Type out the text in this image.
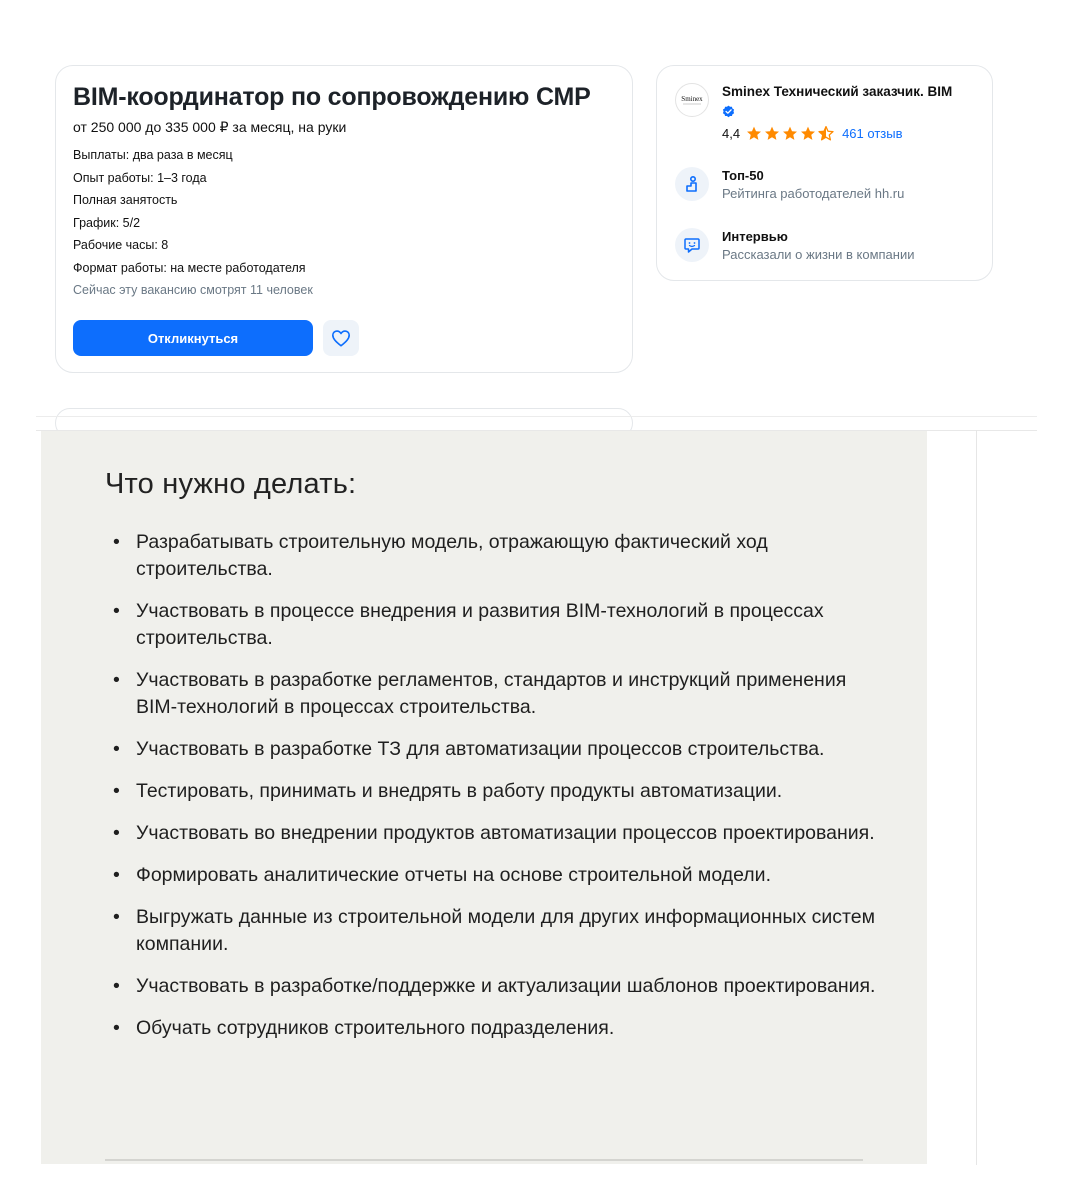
BIM-координатор по сопровождению СМР
от 250 000 до 335 000 ₽ за месяц, на руки
Выплаты: два раза в месяц
Опыт работы: 1–3 года
Полная занятость
График: 5/2
Рабочие часы: 8
Формат работы: на месте работодателя
Сейчас эту вакансию смотрят 11 человек
Откликнуться
Sminex Sminex Технический заказчик. BIM
4,4	461 отзыв
Топ-50
Рейтинга работодателей hh.ru
Интервью
Рассказали о жизни в компании
Что нужно делать:
• Разрабатывать строительную модель, отражающую фактический ход строительства.
• Участвовать в процессе внедрения и развития BIM-технологий в процессах строительства.
• Участвовать в разработке регламентов, стандартов и инструкций применения BIM-технологий в процессах строительства.
• Участвовать в разработке ТЗ для автоматизации процессов строительства.
• Тестировать, принимать и внедрять в работу продукты автоматизации.
• Участвовать во внедрении продуктов автоматизации процессов проектирования.
• Формировать аналитические отчеты на основе строительной модели.
• Выгружать данные из строительной модели для других информационных систем компании.
• Участвовать в разработке/поддержке и актуализации шаблонов проектирования.
• Обучать сотрудников строительного подразделения.
